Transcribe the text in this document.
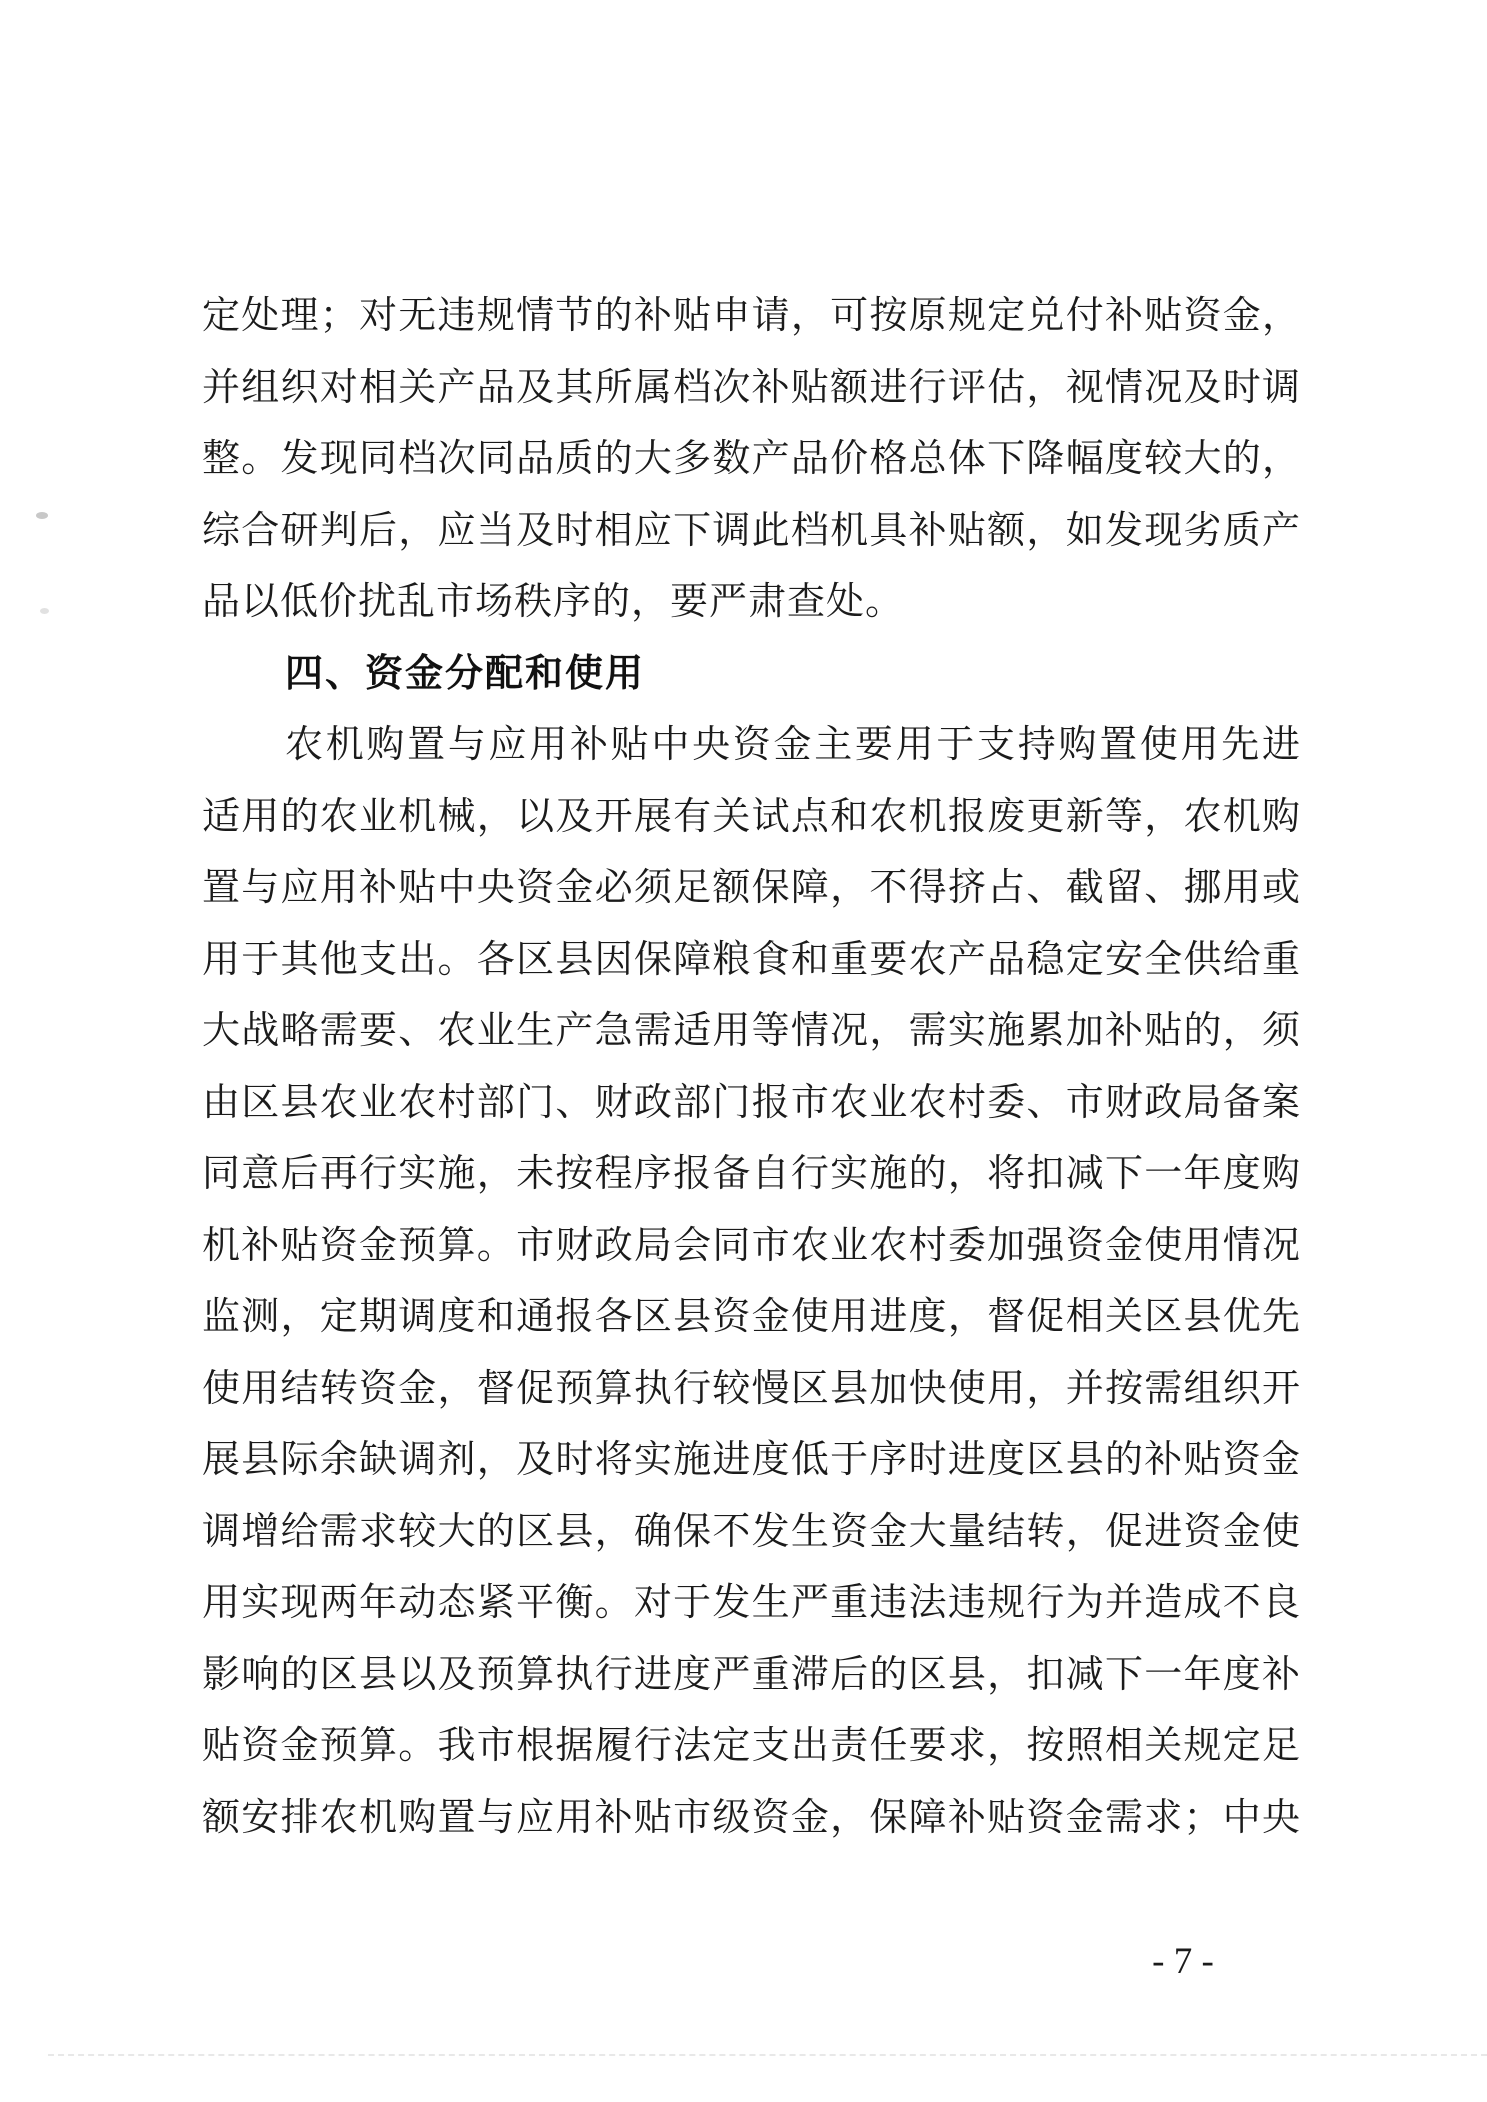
定处理；对无违规情节的补贴申请，可按原规定兑付补贴资金，
并组织对相关产品及其所属档次补贴额进行评估，视情况及时调
整。发现同档次同品质的大多数产品价格总体下降幅度较大的，
综合研判后，应当及时相应下调此档机具补贴额，如发现劣质产
品以低价扰乱市场秩序的，要严肃查处。
四、资金分配和使用
农机购置与应用补贴中央资金主要用于支持购置使用先进
适用的农业机械，以及开展有关试点和农机报废更新等，农机购
置与应用补贴中央资金必须足额保障，不得挤占、截留、挪用或
用于其他支出。各区县因保障粮食和重要农产品稳定安全供给重
大战略需要、农业生产急需适用等情况，需实施累加补贴的，须
由区县农业农村部门、财政部门报市农业农村委、市财政局备案
同意后再行实施，未按程序报备自行实施的，将扣减下一年度购
机补贴资金预算。市财政局会同市农业农村委加强资金使用情况
监测，定期调度和通报各区县资金使用进度，督促相关区县优先
使用结转资金，督促预算执行较慢区县加快使用，并按需组织开
展县际余缺调剂，及时将实施进度低于序时进度区县的补贴资金
调增给需求较大的区县，确保不发生资金大量结转，促进资金使
用实现两年动态紧平衡。对于发生严重违法违规行为并造成不良
影响的区县以及预算执行进度严重滞后的区县，扣减下一年度补
贴资金预算。我市根据履行法定支出责任要求，按照相关规定足
额安排农机购置与应用补贴市级资金，保障补贴资金需求；中央
- 7 -
